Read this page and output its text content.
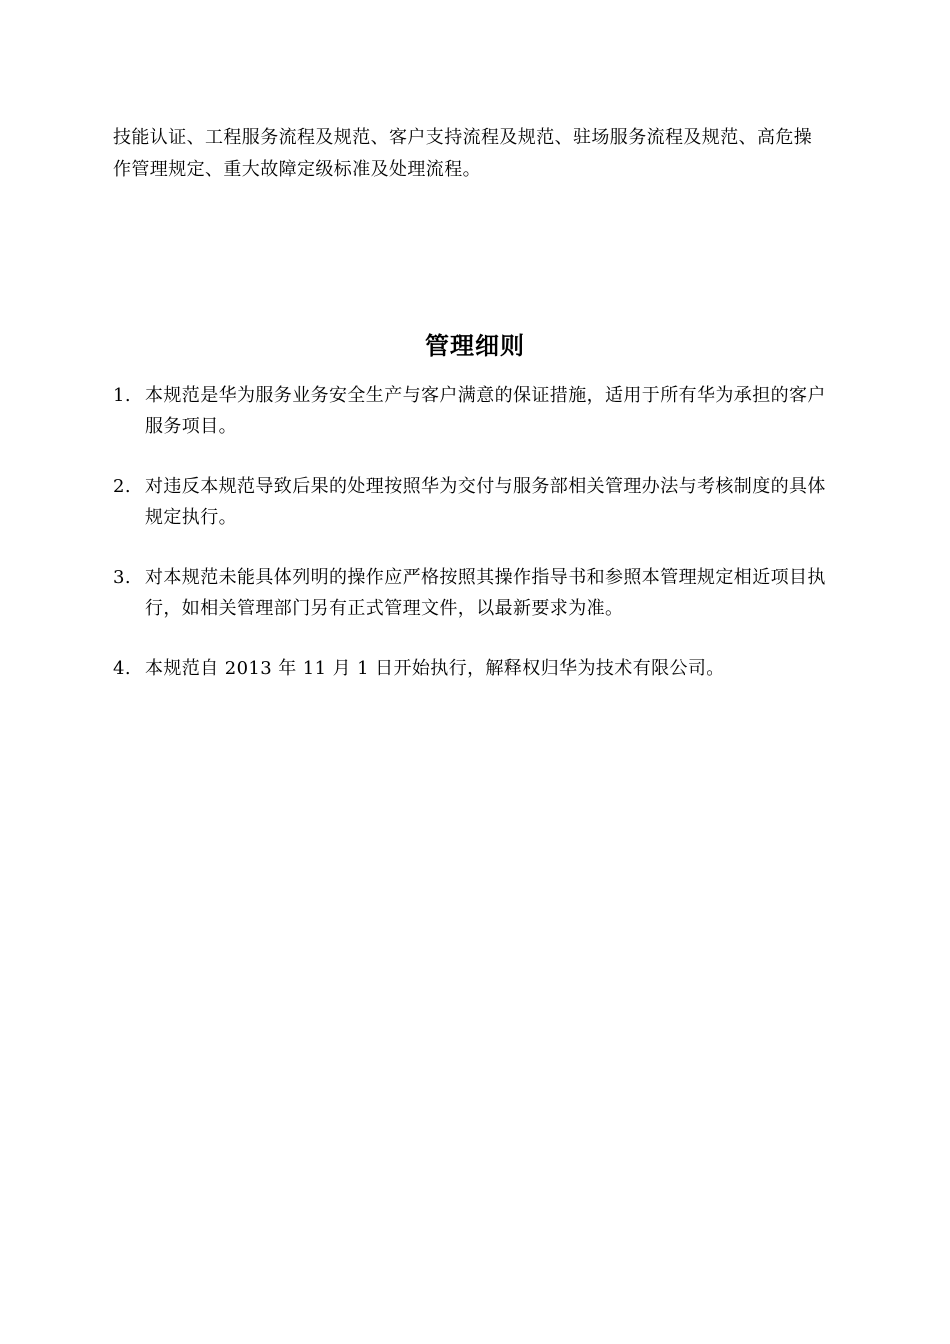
技能认证、工程服务流程及规范、客户支持流程及规范、驻场服务流程及规范、高危操
作管理规定、重大故障定级标准及处理流程。
管理细则
1. 本规范是华为服务业务安全生产与客户满意的保证措施，适用于所有华为承担的客户
服务项目。
2. 对违反本规范导致后果的处理按照华为交付与服务部相关管理办法与考核制度的具体
规定执行。
3. 对本规范未能具体列明的操作应严格按照其操作指导书和参照本管理规定相近项目执
行，如相关管理部门另有正式管理文件，以最新要求为准。
4. 本规范自 2013 年 11 月 1 日开始执行，解释权归华为技术有限公司。
